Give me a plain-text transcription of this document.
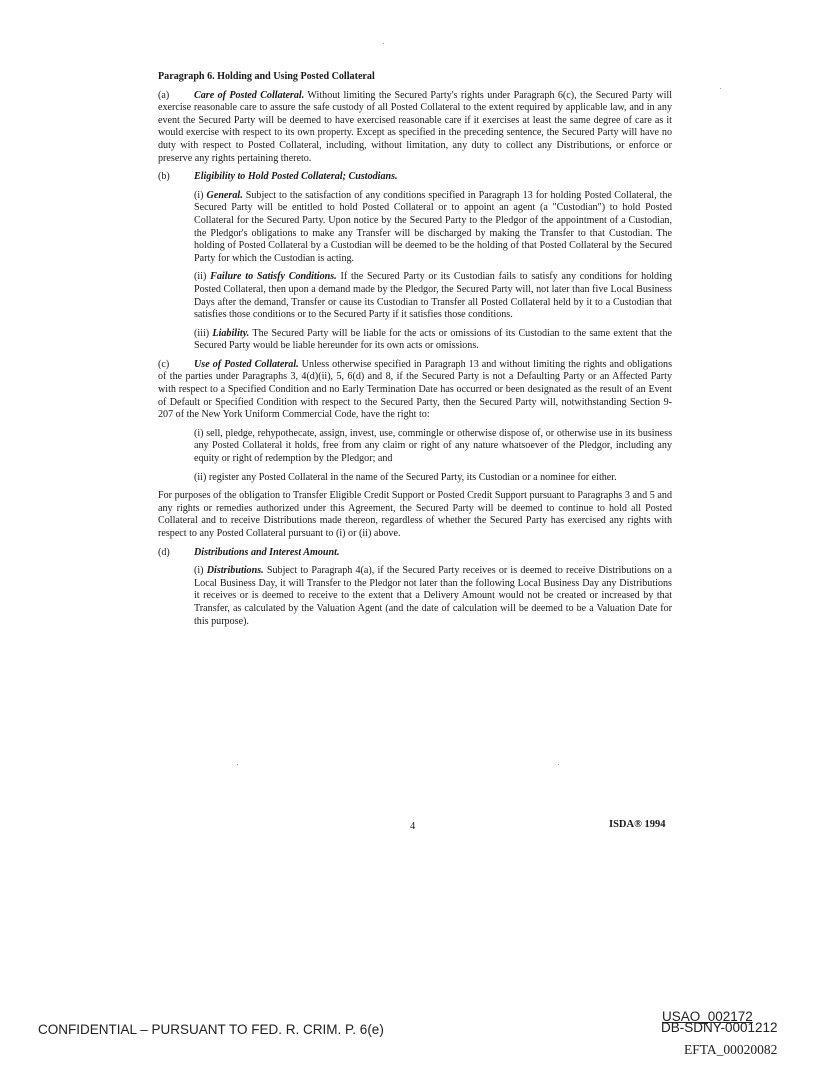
Paragraph 6. Holding and Using Posted Collateral
(a) Care of Posted Collateral. Without limiting the Secured Party's rights under Paragraph 6(c), the Secured Party will exercise reasonable care to assure the safe custody of all Posted Collateral to the extent required by applicable law, and in any event the Secured Party will be deemed to have exercised reasonable care if it exercises at least the same degree of care as it would exercise with respect to its own property. Except as specified in the preceding sentence, the Secured Party will have no duty with respect to Posted Collateral, including, without limitation, any duty to collect any Distributions, or enforce or preserve any rights pertaining thereto.
(b) Eligibility to Hold Posted Collateral; Custodians.
(i) General. Subject to the satisfaction of any conditions specified in Paragraph 13 for holding Posted Collateral, the Secured Party will be entitled to hold Posted Collateral or to appoint an agent (a "Custodian") to hold Posted Collateral for the Secured Party. Upon notice by the Secured Party to the Pledgor of the appointment of a Custodian, the Pledgor's obligations to make any Transfer will be discharged by making the Transfer to that Custodian. The holding of Posted Collateral by a Custodian will be deemed to be the holding of that Posted Collateral by the Secured Party for which the Custodian is acting.
(ii) Failure to Satisfy Conditions. If the Secured Party or its Custodian fails to satisfy any conditions for holding Posted Collateral, then upon a demand made by the Pledgor, the Secured Party will, not later than five Local Business Days after the demand, Transfer or cause its Custodian to Transfer all Posted Collateral held by it to a Custodian that satisfies those conditions or to the Secured Party if it satisfies those conditions.
(iii) Liability. The Secured Party will be liable for the acts or omissions of its Custodian to the same extent that the Secured Party would be liable hereunder for its own acts or omissions.
(c) Use of Posted Collateral. Unless otherwise specified in Paragraph 13 and without limiting the rights and obligations of the parties under Paragraphs 3, 4(d)(ii), 5, 6(d) and 8, if the Secured Party is not a Defaulting Party or an Affected Party with respect to a Specified Condition and no Early Termination Date has occurred or been designated as the result of an Event of Default or Specified Condition with respect to the Secured Party, then the Secured Party will, notwithstanding Section 9-207 of the New York Uniform Commercial Code, have the right to:
(i) sell, pledge, rehypothecate, assign, invest, use, commingle or otherwise dispose of, or otherwise use in its business any Posted Collateral it holds, free from any claim or right of any nature whatsoever of the Pledgor, including any equity or right of redemption by the Pledgor; and
(ii) register any Posted Collateral in the name of the Secured Party, its Custodian or a nominee for either.
For purposes of the obligation to Transfer Eligible Credit Support or Posted Credit Support pursuant to Paragraphs 3 and 5 and any rights or remedies authorized under this Agreement, the Secured Party will be deemed to continue to hold all Posted Collateral and to receive Distributions made thereon, regardless of whether the Secured Party has exercised any rights with respect to any Posted Collateral pursuant to (i) or (ii) above.
(d) Distributions and Interest Amount.
(i) Distributions. Subject to Paragraph 4(a), if the Secured Party receives or is deemed to receive Distributions on a Local Business Day, it will Transfer to the Pledgor not later than the following Local Business Day any Distributions it receives or is deemed to receive to the extent that a Delivery Amount would not be created or increased by that Transfer, as calculated by the Valuation Agent (and the date of calculation will be deemed to be a Valuation Date for this purpose).
4	ISDA® 1994
CONFIDENTIAL – PURSUANT TO FED. R. CRIM. P. 6(e)
USAO_002172
DB-SDNY-0001212
EFTA_00020082
